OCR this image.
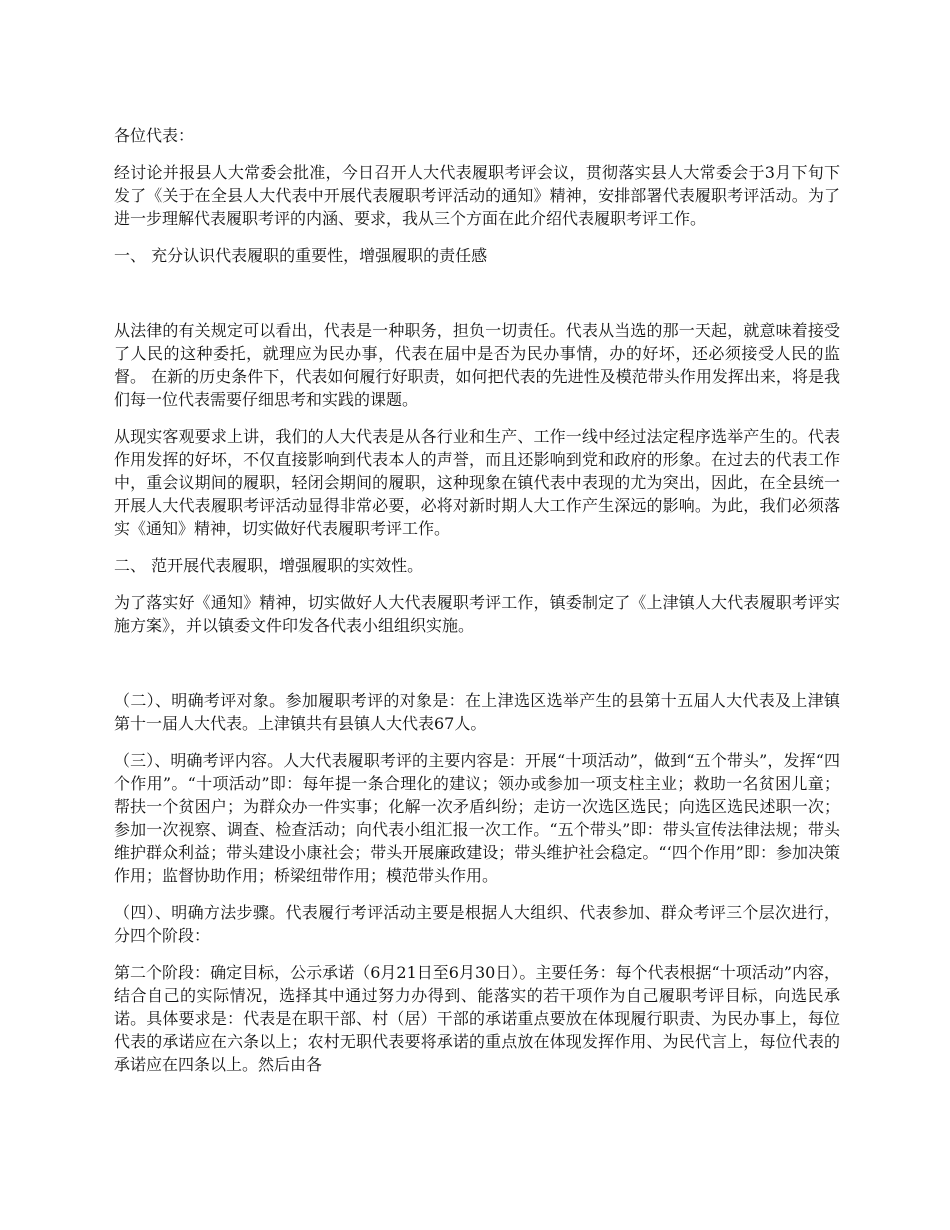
各位代表：

经讨论并报县人大常委会批准，今日召开人大代表履职考评会议，贯彻落实县人大常委会于3月下旬下发了《关于在全县人大代表中开展代表履职考评活动的通知》精神，安排部署代表履职考评活动。为了进一步理解代表履职考评的内涵、要求，我从三个方面在此介绍代表履职考评工作。

一、 充分认识代表履职的重要性，增强履职的责任感

从法律的有关规定可以看出，代表是一种职务，担负一切责任。代表从当选的那一天起，就意味着接受了人民的这种委托，就理应为民办事，代表在届中是否为民办事情，办的好坏，还必须接受人民的监督。 在新的历史条件下，代表如何履行好职责，如何把代表的先进性及模范带头作用发挥出来，将是我们每一位代表需要仔细思考和实践的课题。

从现实客观要求上讲，我们的人大代表是从各行业和生产、工作一线中经过法定程序选举产生的。代表作用发挥的好坏，不仅直接影响到代表本人的声誉，而且还影响到党和政府的形象。在过去的代表工作中，重会议期间的履职，轻闭会期间的履职，这种现象在镇代表中表现的尤为突出，因此，在全县统一开展人大代表履职考评活动显得非常必要，必将对新时期人大工作产生深远的影响。为此，我们必须落实《通知》精神，切实做好代表履职考评工作。

二、 范开展代表履职，增强履职的实效性。

为了落实好《通知》精神，切实做好人大代表履职考评工作，镇委制定了《上津镇人大代表履职考评实施方案》，并以镇委文件印发各代表小组组织实施。

（二）、明确考评对象。参加履职考评的对象是：在上津选区选举产生的县第十五届人大代表及上津镇第十一届人大代表。上津镇共有县镇人大代表67人。

（三）、明确考评内容。人大代表履职考评的主要内容是：开展“十项活动”，做到“五个带头”，发挥“四个作用”。“十项活动”即：每年提一条合理化的建议；领办或参加一项支柱主业；救助一名贫困儿童；帮扶一个贫困户；为群众办一件实事；化解一次矛盾纠纷；走访一次选区选民；向选区选民述职一次；参加一次视察、调查、检查活动；向代表小组汇报一次工作。“五个带头”即：带头宣传法律法规；带头维护群众利益；带头建设小康社会；带头开展廉政建设；带头维护社会稳定。“‘四个作用”即：参加决策作用；监督协助作用；桥梁纽带作用；模范带头作用。

（四）、明确方法步骤。代表履行考评活动主要是根据人大组织、代表参加、群众考评三个层次进行，分四个阶段：

第二个阶段：确定目标，公示承诺（6月21日至6月30日）。主要任务：每个代表根据“十项活动”内容，结合自己的实际情况，选择其中通过努力办得到、能落实的若干项作为自己履职考评目标，向选民承诺。具体要求是：代表是在职干部、村（居）干部的承诺重点要放在体现履行职责、为民办事上，每位代表的承诺应在六条以上；农村无职代表要将承诺的重点放在体现发挥作用、为民代言上，每位代表的承诺应在四条以上。然后由各
